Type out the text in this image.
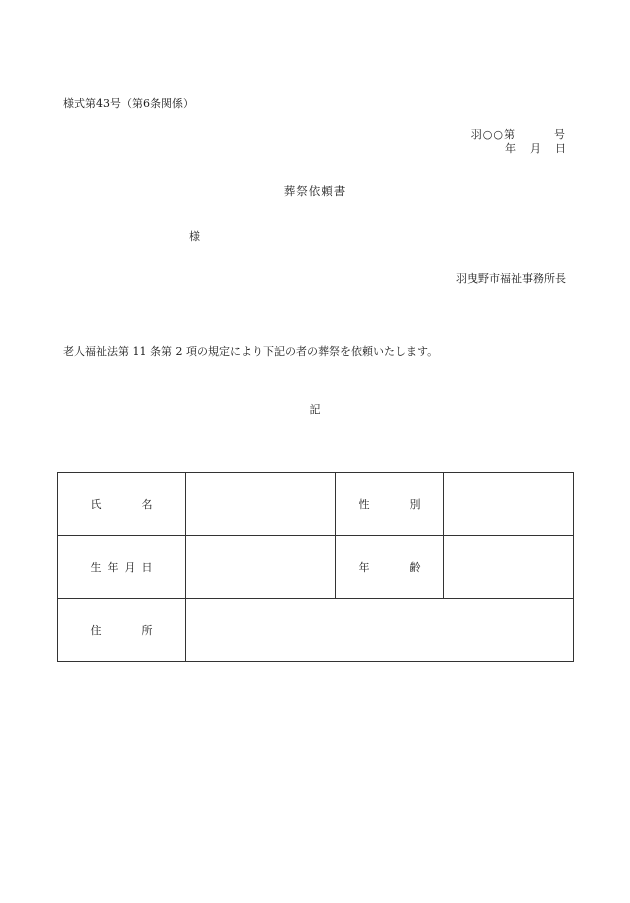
様式第43号（第6条関係）
羽○○第	号
年 月 日
葬祭依頼書
様
羽曳野市福祉事務所長
老人福祉法第 11 条第 2 項の規定により下記の者の葬祭を依頼いたします。
記
氏　名		性　別	
生年月日		年　齢	
住　所			
